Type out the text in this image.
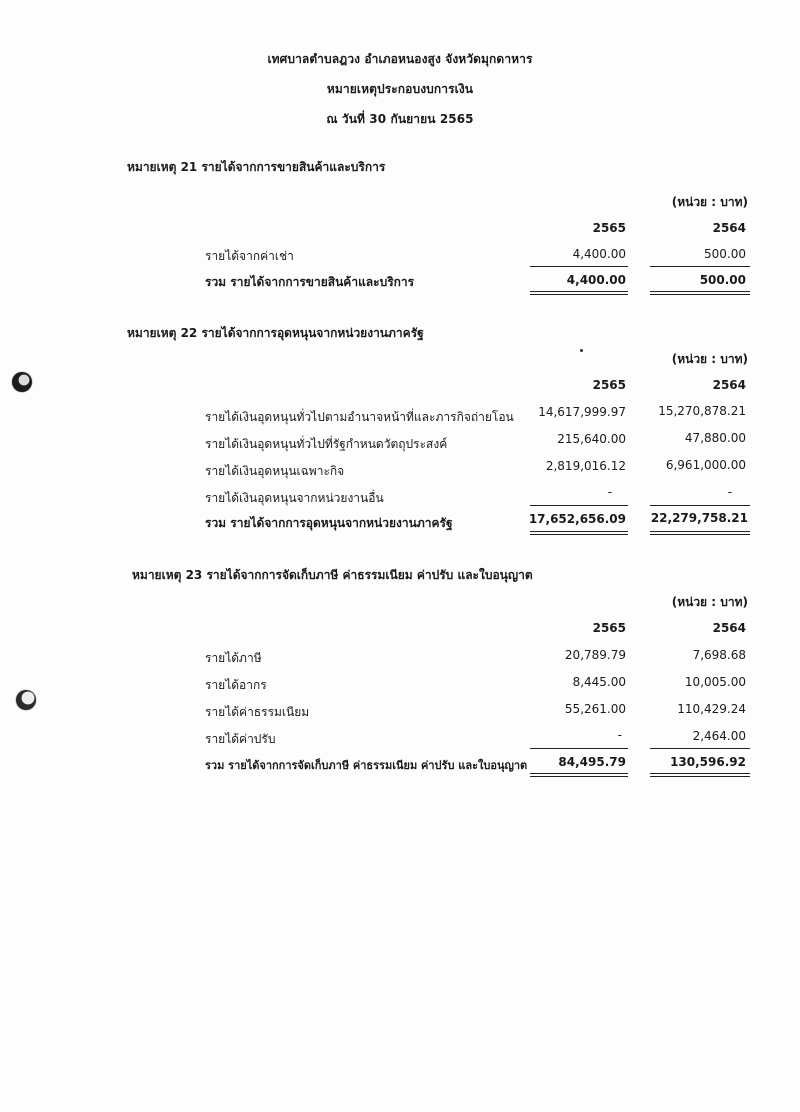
เทศบาลตำบลฎวง อำเภอหนองสูง จังหวัดมุกดาหาร
หมายเหตุประกอบงบการเงิน
ณ วันที่ 30 กันยายน 2565
หมายเหตุ 21 รายได้จากการขายสินค้าและบริการ
(หน่วย : บาท)
2565	2564
รายได้จากค่าเช่า	4,400.00	500.00
รวม รายได้จากการขายสินค้าและบริการ	4,400.00	500.00
หมายเหตุ 22 รายได้จากการอุดหนุนจากหน่วยงานภาครัฐ
(หน่วย : บาท)
2565	2564
รายได้เงินอุดหนุนทั่วไปตามอำนาจหน้าที่และภารกิจถ่ายโอน	14,617,999.97	15,270,878.21
รายได้เงินอุดหนุนทั่วไปที่รัฐกำหนดวัตถุประสงค์	215,640.00	47,880.00
รายได้เงินอุดหนุนเฉพาะกิจ	2,819,016.12	6,961,000.00
รายได้เงินอุดหนุนจากหน่วยงานอื่น	-	-
รวม รายได้จากการอุดหนุนจากหน่วยงานภาครัฐ	17,652,656.09	22,279,758.21
หมายเหตุ 23 รายได้จากการจัดเก็บภาษี ค่าธรรมเนียม ค่าปรับ และใบอนุญาต
(หน่วย : บาท)
2565	2564
รายได้ภาษี	20,789.79	7,698.68
รายได้อากร	8,445.00	10,005.00
รายได้ค่าธรรมเนียม	55,261.00	110,429.24
รายได้ค่าปรับ	-	2,464.00
รวม รายได้จากการจัดเก็บภาษี ค่าธรรมเนียม ค่าปรับ และใบอนุญาต	84,495.79	130,596.92
